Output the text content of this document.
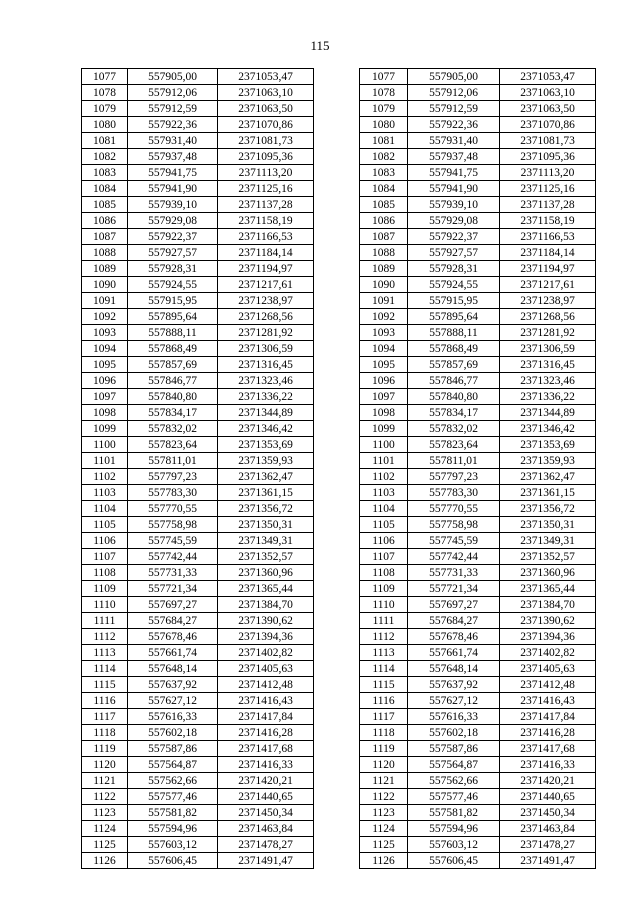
115
1077	557905,00	2371053,47
1078	557912,06	2371063,10
1079	557912,59	2371063,50
1080	557922,36	2371070,86
1081	557931,40	2371081,73
1082	557937,48	2371095,36
1083	557941,75	2371113,20
1084	557941,90	2371125,16
1085	557939,10	2371137,28
1086	557929,08	2371158,19
1087	557922,37	2371166,53
1088	557927,57	2371184,14
1089	557928,31	2371194,97
1090	557924,55	2371217,61
1091	557915,95	2371238,97
1092	557895,64	2371268,56
1093	557888,11	2371281,92
1094	557868,49	2371306,59
1095	557857,69	2371316,45
1096	557846,77	2371323,46
1097	557840,80	2371336,22
1098	557834,17	2371344,89
1099	557832,02	2371346,42
1100	557823,64	2371353,69
1101	557811,01	2371359,93
1102	557797,23	2371362,47
1103	557783,30	2371361,15
1104	557770,55	2371356,72
1105	557758,98	2371350,31
1106	557745,59	2371349,31
1107	557742,44	2371352,57
1108	557731,33	2371360,96
1109	557721,34	2371365,44
1110	557697,27	2371384,70
1111	557684,27	2371390,62
1112	557678,46	2371394,36
1113	557661,74	2371402,82
1114	557648,14	2371405,63
1115	557637,92	2371412,48
1116	557627,12	2371416,43
1117	557616,33	2371417,84
1118	557602,18	2371416,28
1119	557587,86	2371417,68
1120	557564,87	2371416,33
1121	557562,66	2371420,21
1122	557577,46	2371440,65
1123	557581,82	2371450,34
1124	557594,96	2371463,84
1125	557603,12	2371478,27
1126	557606,45	2371491,47
1077	557905,00	2371053,47
1078	557912,06	2371063,10
1079	557912,59	2371063,50
1080	557922,36	2371070,86
1081	557931,40	2371081,73
1082	557937,48	2371095,36
1083	557941,75	2371113,20
1084	557941,90	2371125,16
1085	557939,10	2371137,28
1086	557929,08	2371158,19
1087	557922,37	2371166,53
1088	557927,57	2371184,14
1089	557928,31	2371194,97
1090	557924,55	2371217,61
1091	557915,95	2371238,97
1092	557895,64	2371268,56
1093	557888,11	2371281,92
1094	557868,49	2371306,59
1095	557857,69	2371316,45
1096	557846,77	2371323,46
1097	557840,80	2371336,22
1098	557834,17	2371344,89
1099	557832,02	2371346,42
1100	557823,64	2371353,69
1101	557811,01	2371359,93
1102	557797,23	2371362,47
1103	557783,30	2371361,15
1104	557770,55	2371356,72
1105	557758,98	2371350,31
1106	557745,59	2371349,31
1107	557742,44	2371352,57
1108	557731,33	2371360,96
1109	557721,34	2371365,44
1110	557697,27	2371384,70
1111	557684,27	2371390,62
1112	557678,46	2371394,36
1113	557661,74	2371402,82
1114	557648,14	2371405,63
1115	557637,92	2371412,48
1116	557627,12	2371416,43
1117	557616,33	2371417,84
1118	557602,18	2371416,28
1119	557587,86	2371417,68
1120	557564,87	2371416,33
1121	557562,66	2371420,21
1122	557577,46	2371440,65
1123	557581,82	2371450,34
1124	557594,96	2371463,84
1125	557603,12	2371478,27
1126	557606,45	2371491,47
